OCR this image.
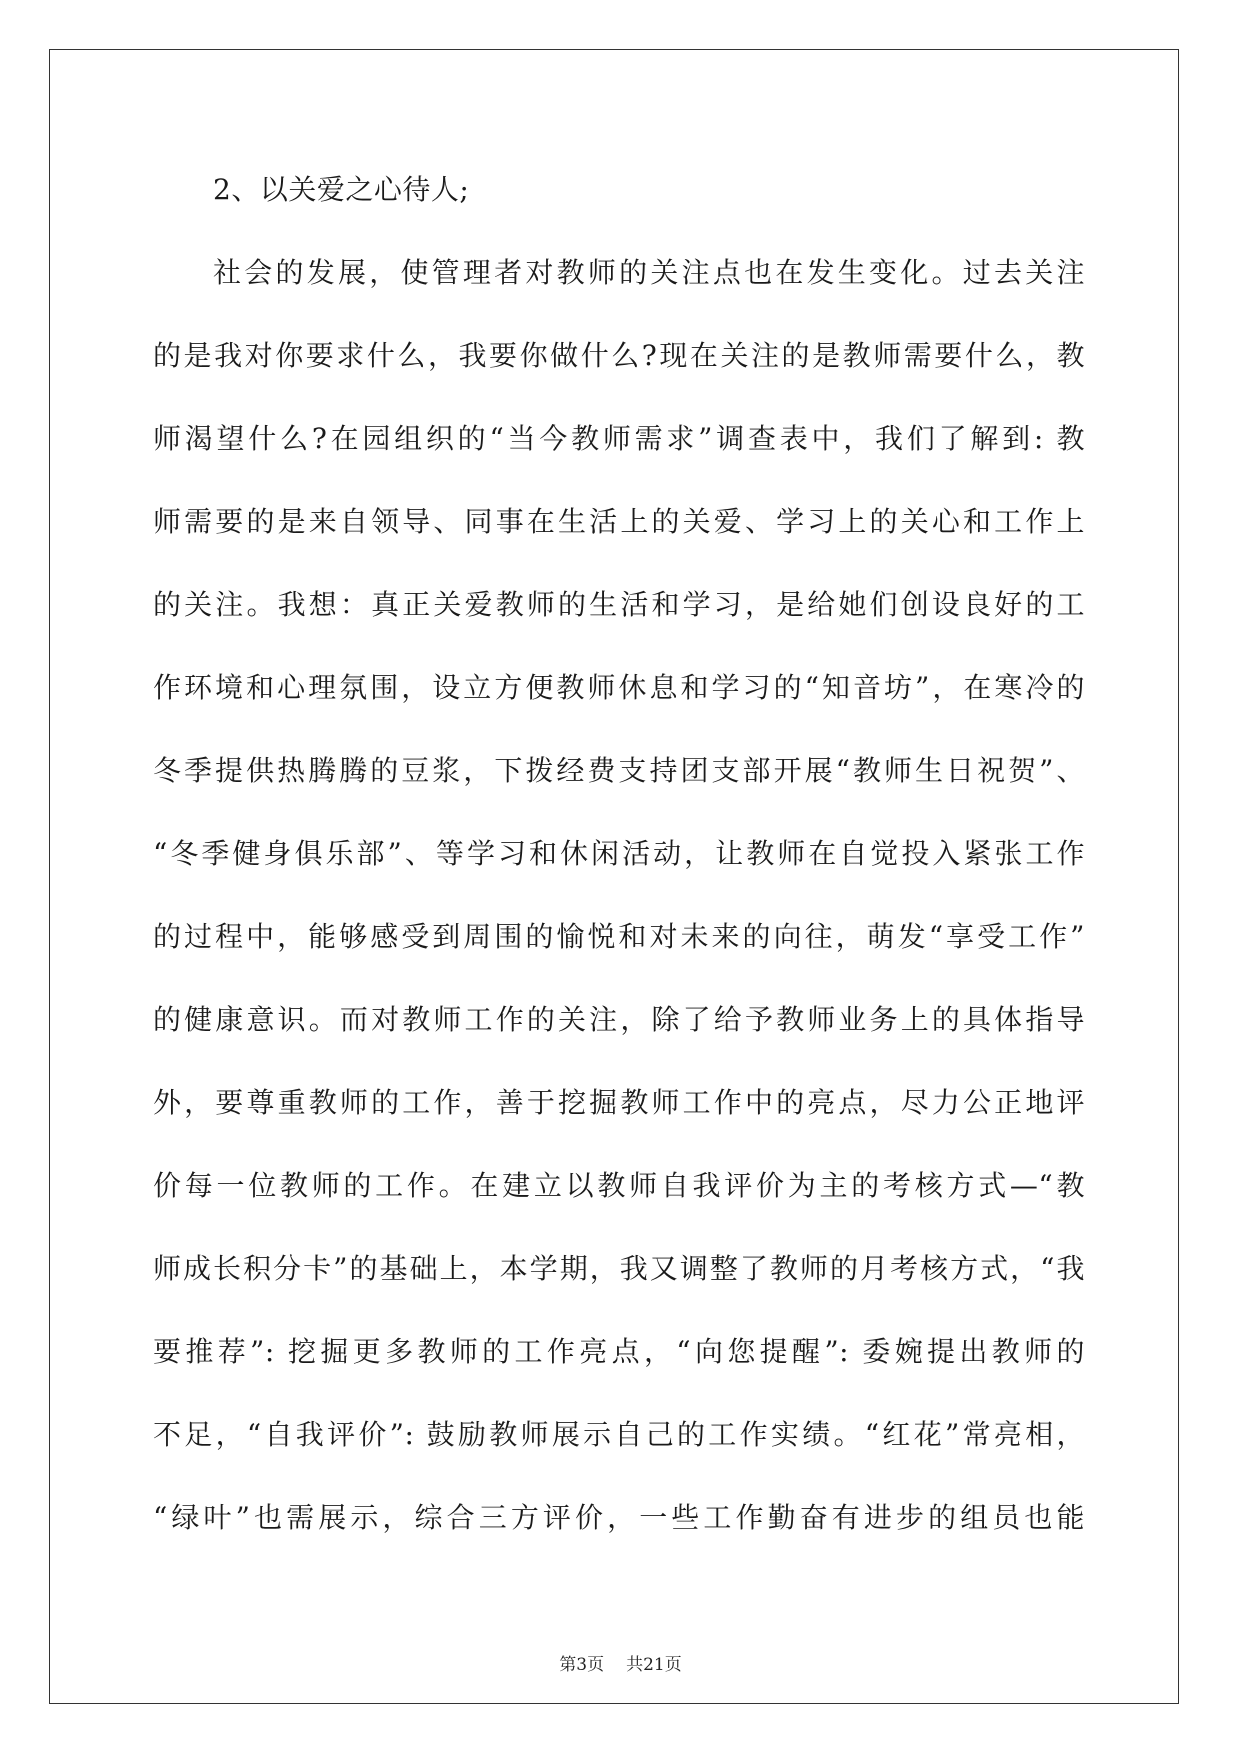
2、以关爱之心待人;
社会的发展，使管理者对教师的关注点也在发生变化。过去关注
的是我对你要求什么，我要你做什么?现在关注的是教师需要什么，教
师渴望什么?在园组织的“当今教师需求”调查表中，我们了解到: 教
师需要的是来自领导、同事在生活上的关爱、学习上的关心和工作上
的关注。我想：真正关爱教师的生活和学习，是给她们创设良好的工
作环境和心理氛围，设立方便教师休息和学习的“知音坊”，在寒冷的
冬季提供热腾腾的豆浆，下拨经费支持团支部开展“教师生日祝贺”、
“冬季健身俱乐部”、等学习和休闲活动，让教师在自觉投入紧张工作
的过程中，能够感受到周围的愉悦和对未来的向往，萌发“享受工作”
的健康意识。而对教师工作的关注，除了给予教师业务上的具体指导
外，要尊重教师的工作，善于挖掘教师工作中的亮点，尽力公正地评
价每一位教师的工作。在建立以教师自我评价为主的考核方式—“教
师成长积分卡”的基础上，本学期，我又调整了教师的月考核方式，“我
要推荐”: 挖掘更多教师的工作亮点，“向您提醒”: 委婉提出教师的
不足，“自我评价”: 鼓励教师展示自己的工作实绩。“红花”常亮相，
“绿叶”也需展示，综合三方评价，一些工作勤奋有进步的组员也能
第3页 共21页
